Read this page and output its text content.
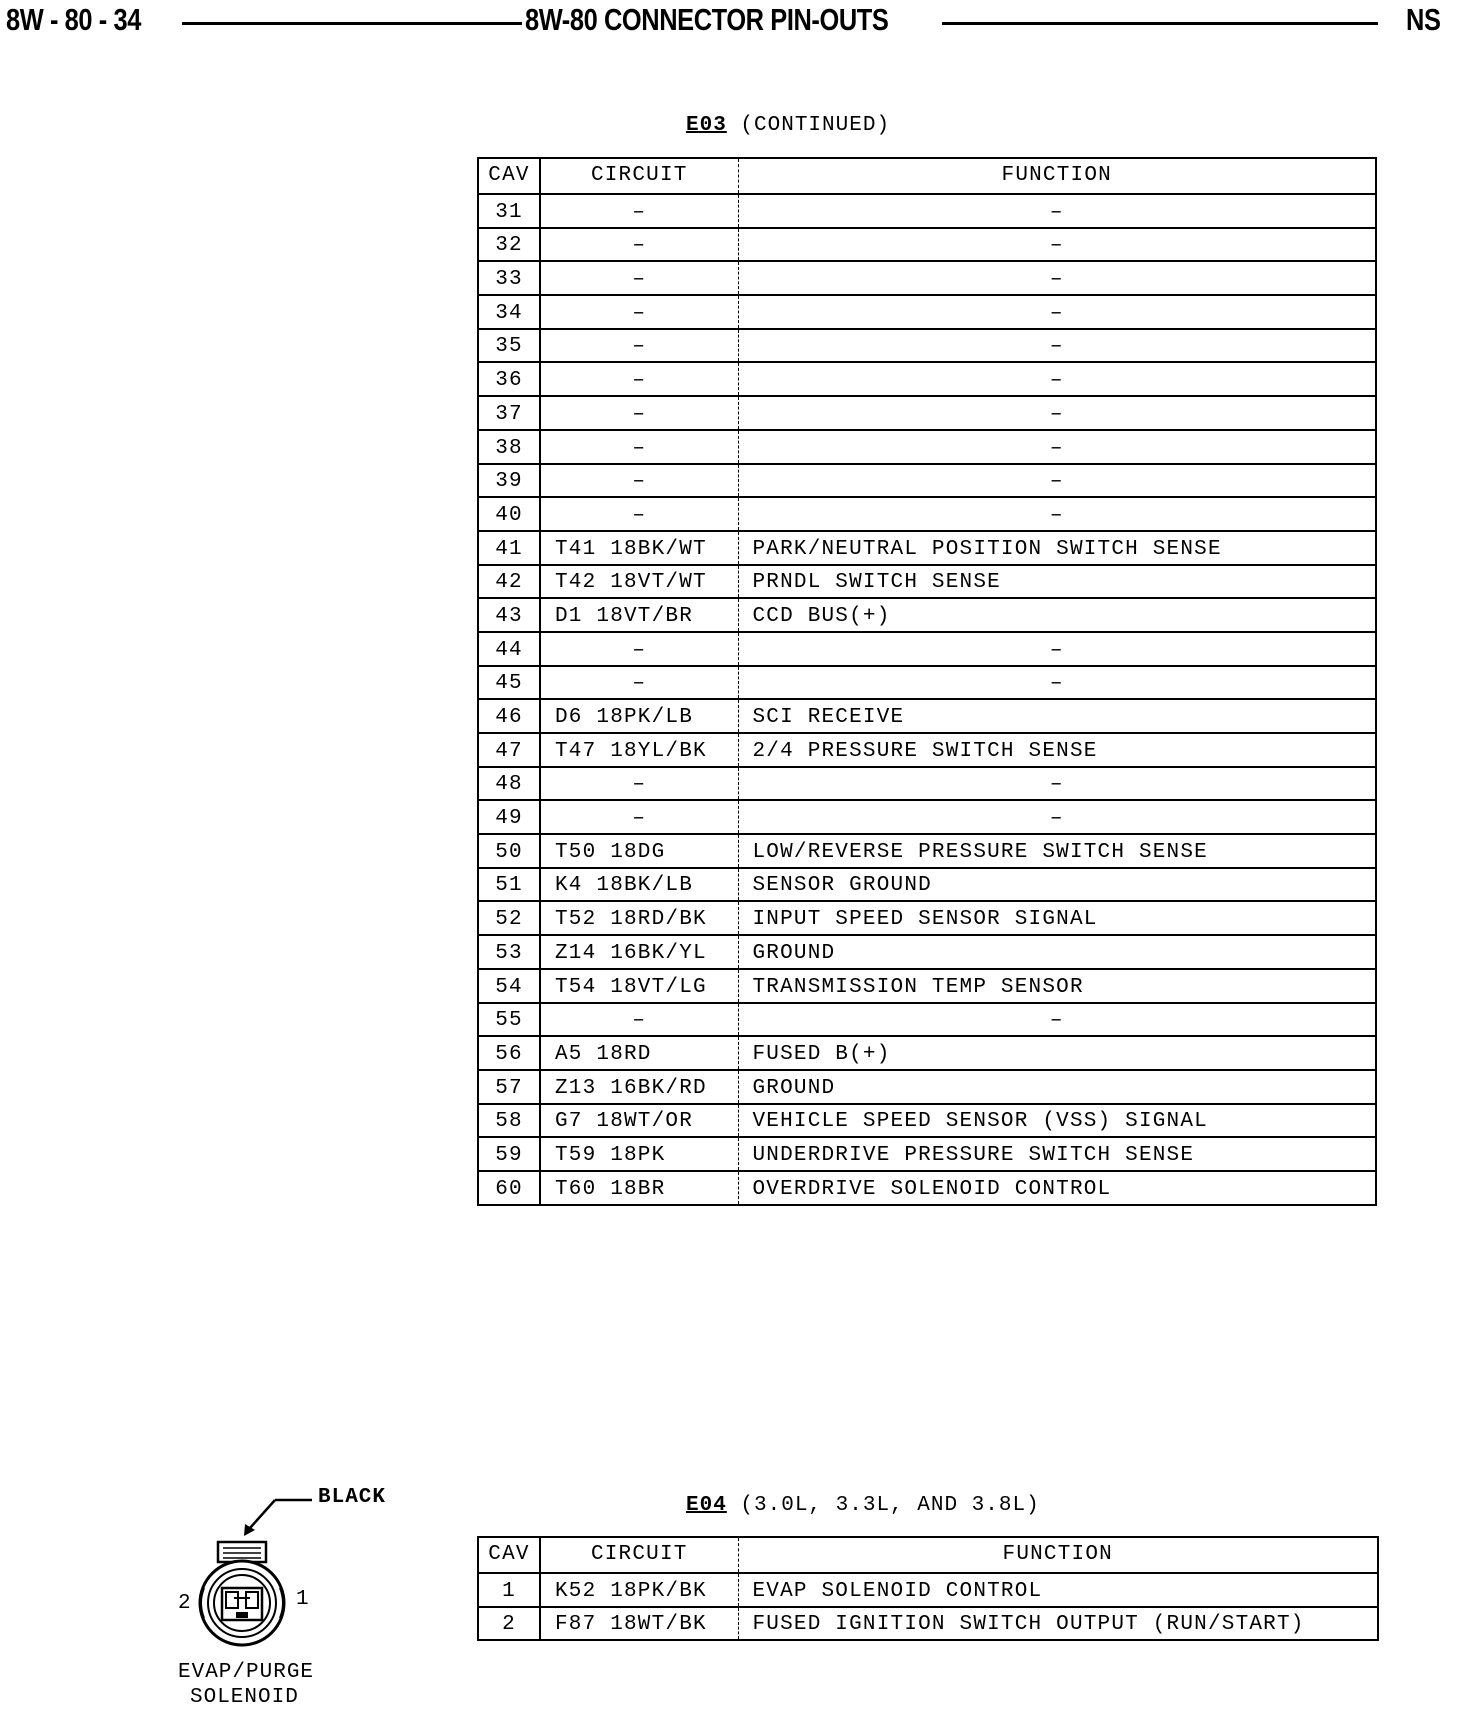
8W - 80 - 34	8W-80 CONNECTOR PIN-OUTS	NS
E03 (CONTINUED)
CAV	CIRCUIT	FUNCTION
31	–	–
32	–	–
33	–	–
34	–	–
35	–	–
36	–	–
37	–	–
38	–	–
39	–	–
40	–	–
41	T41 18BK/WT	PARK/NEUTRAL POSITION SWITCH SENSE
42	T42 18VT/WT	PRNDL SWITCH SENSE
43	D1 18VT/BR	CCD BUS(+)
44	–	–
45	–	–
46	D6 18PK/LB	SCI RECEIVE
47	T47 18YL/BK	2/4 PRESSURE SWITCH SENSE
48	–	–
49	–	–
50	T50 18DG	LOW/REVERSE PRESSURE SWITCH SENSE
51	K4 18BK/LB	SENSOR GROUND
52	T52 18RD/BK	INPUT SPEED SENSOR SIGNAL
53	Z14 16BK/YL	GROUND
54	T54 18VT/LG	TRANSMISSION TEMP SENSOR
55	–	–
56	A5 18RD	FUSED B(+)
57	Z13 16BK/RD	GROUND
58	G7 18WT/OR	VEHICLE SPEED SENSOR (VSS) SIGNAL
59	T59 18PK	UNDERDRIVE PRESSURE SWITCH SENSE
60	T60 18BR	OVERDRIVE SOLENOID CONTROL
E04 (3.0L, 3.3L, AND 3.8L)
CAV	CIRCUIT	FUNCTION
1	K52 18PK/BK	EVAP SOLENOID CONTROL
2	F87 18WT/BK	FUSED IGNITION SWITCH OUTPUT (RUN/START)
BLACK
2	1
EVAP/PURGE
SOLENOID
